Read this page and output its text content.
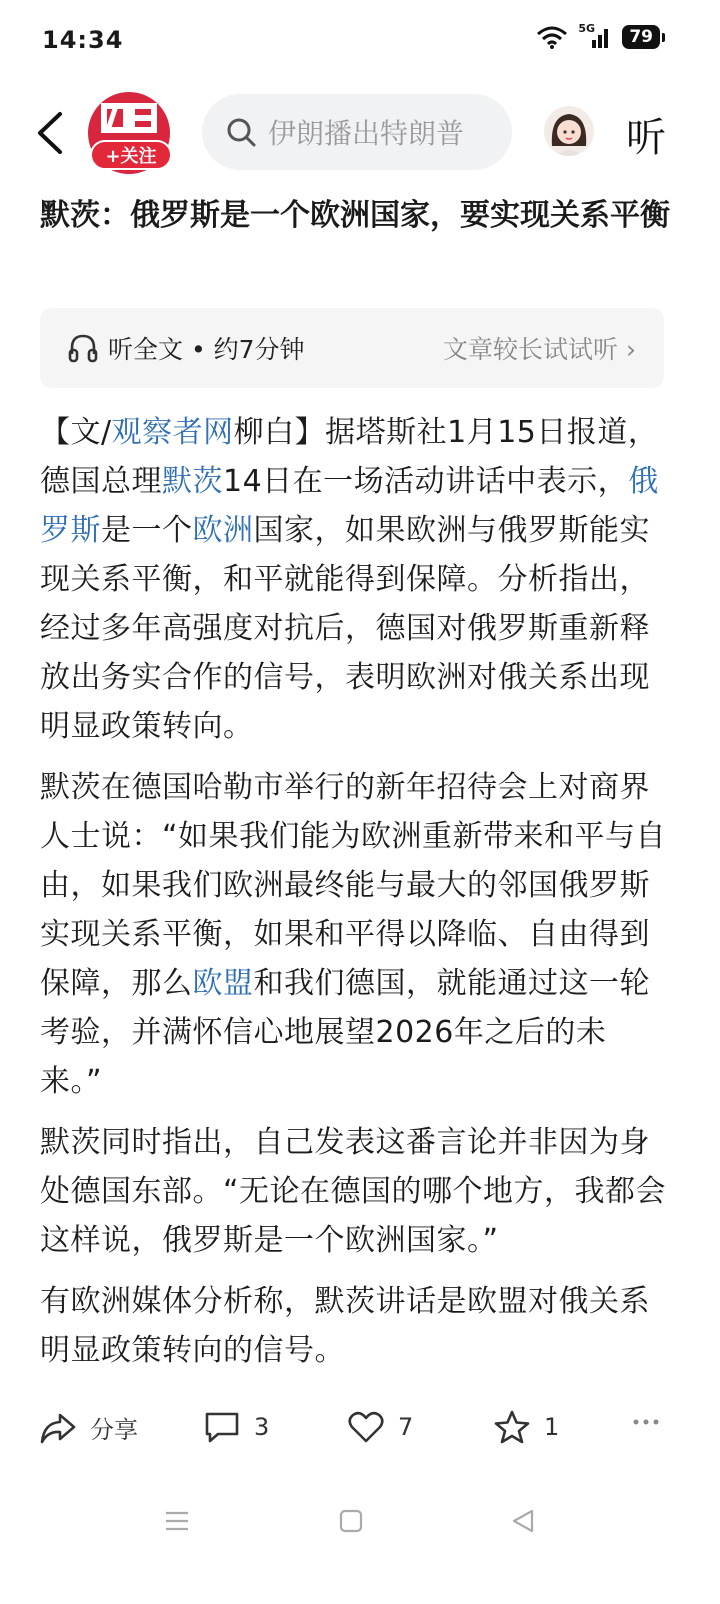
14:34	5G	79
+关注
伊朗播出特朗普	听
默茨：俄罗斯是一个欧洲国家，要实现关系平衡
听全文 • 约7分钟	文章较长试试听 ›

【文/观察者网柳白】据塔斯社1月15日报道，德国总理默茨14日在一场活动讲话中表示，俄罗斯是一个欧洲国家，如果欧洲与俄罗斯能实现关系平衡，和平就能得到保障。分析指出，经过多年高强度对抗后，德国对俄罗斯重新释放出务实合作的信号，表明欧洲对俄关系出现明显政策转向。

默茨在德国哈勒市举行的新年招待会上对商界人士说：“如果我们能为欧洲重新带来和平与自由，如果我们欧洲最终能与最大的邻国俄罗斯实现关系平衡，如果和平得以降临、自由得到保障，那么欧盟和我们德国，就能通过这一轮考验，并满怀信心地展望2026年之后的未来。”

默茨同时指出，自己发表这番言论并非因为身处德国东部。“无论在德国的哪个地方，我都会这样说，俄罗斯是一个欧洲国家。”

有欧洲媒体分析称，默茨讲话是欧盟对俄关系明显政策转向的信号。

分享	3	7	1
